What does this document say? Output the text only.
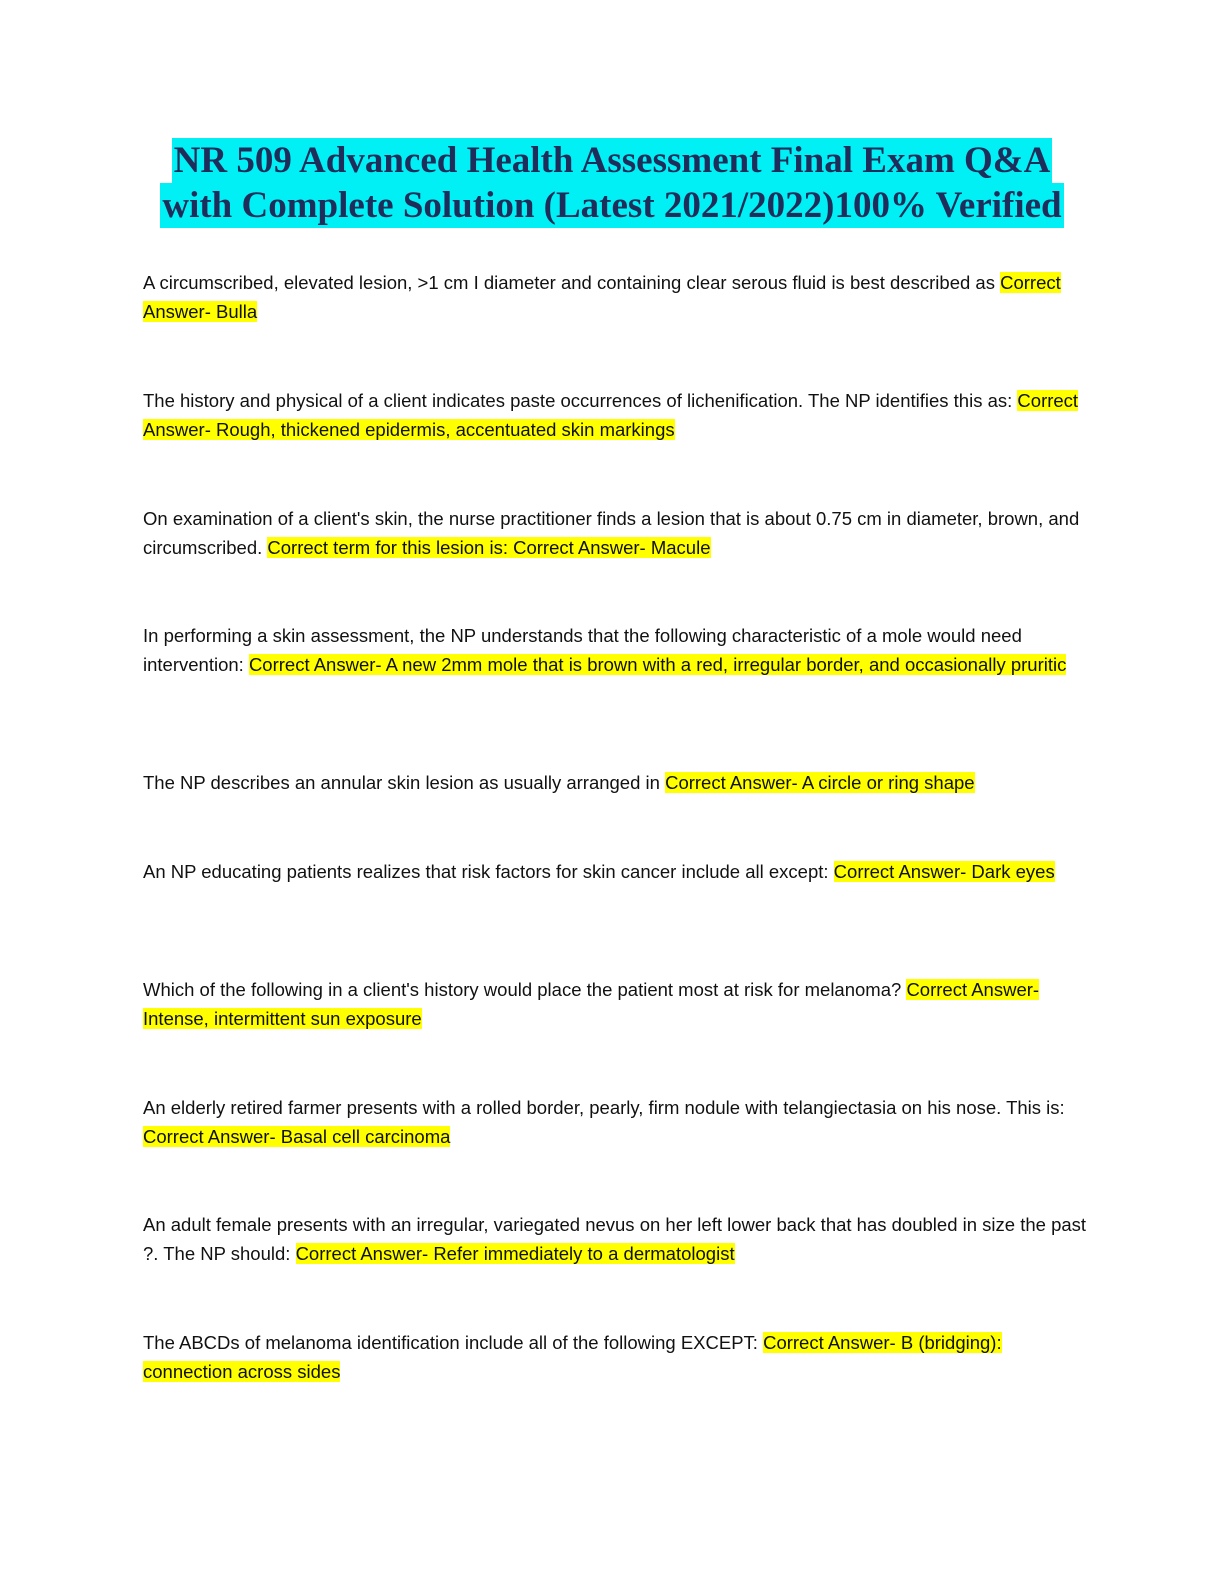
NR 509 Advanced Health Assessment Final Exam Q&A
with Complete Solution (Latest 2021/2022)100% Verified

A circumscribed, elevated lesion, >1 cm I diameter and containing clear serous fluid is best described as Correct Answer- Bulla

The history and physical of a client indicates paste occurrences of lichenification. The NP identifies this as: Correct Answer- Rough, thickened epidermis, accentuated skin markings

On examination of a client's skin, the nurse practitioner finds a lesion that is about 0.75 cm in diameter, brown, and circumscribed. Correct term for this lesion is: Correct Answer- Macule

In performing a skin assessment, the NP understands that the following characteristic of a mole would need intervention: Correct Answer- A new 2mm mole that is brown with a red, irregular border, and occasionally pruritic

The NP describes an annular skin lesion as usually arranged in Correct Answer- A circle or ring shape

An NP educating patients realizes that risk factors for skin cancer include all except: Correct Answer- Dark eyes

Which of the following in a client's history would place the patient most at risk for melanoma? Correct Answer- Intense, intermittent sun exposure

An elderly retired farmer presents with a rolled border, pearly, firm nodule with telangiectasia on his nose. This is: Correct Answer- Basal cell carcinoma

An adult female presents with an irregular, variegated nevus on her left lower back that has doubled in size the past ?. The NP should: Correct Answer- Refer immediately to a dermatologist

The ABCDs of melanoma identification include all of the following EXCEPT: Correct Answer- B (bridging): connection across sides
